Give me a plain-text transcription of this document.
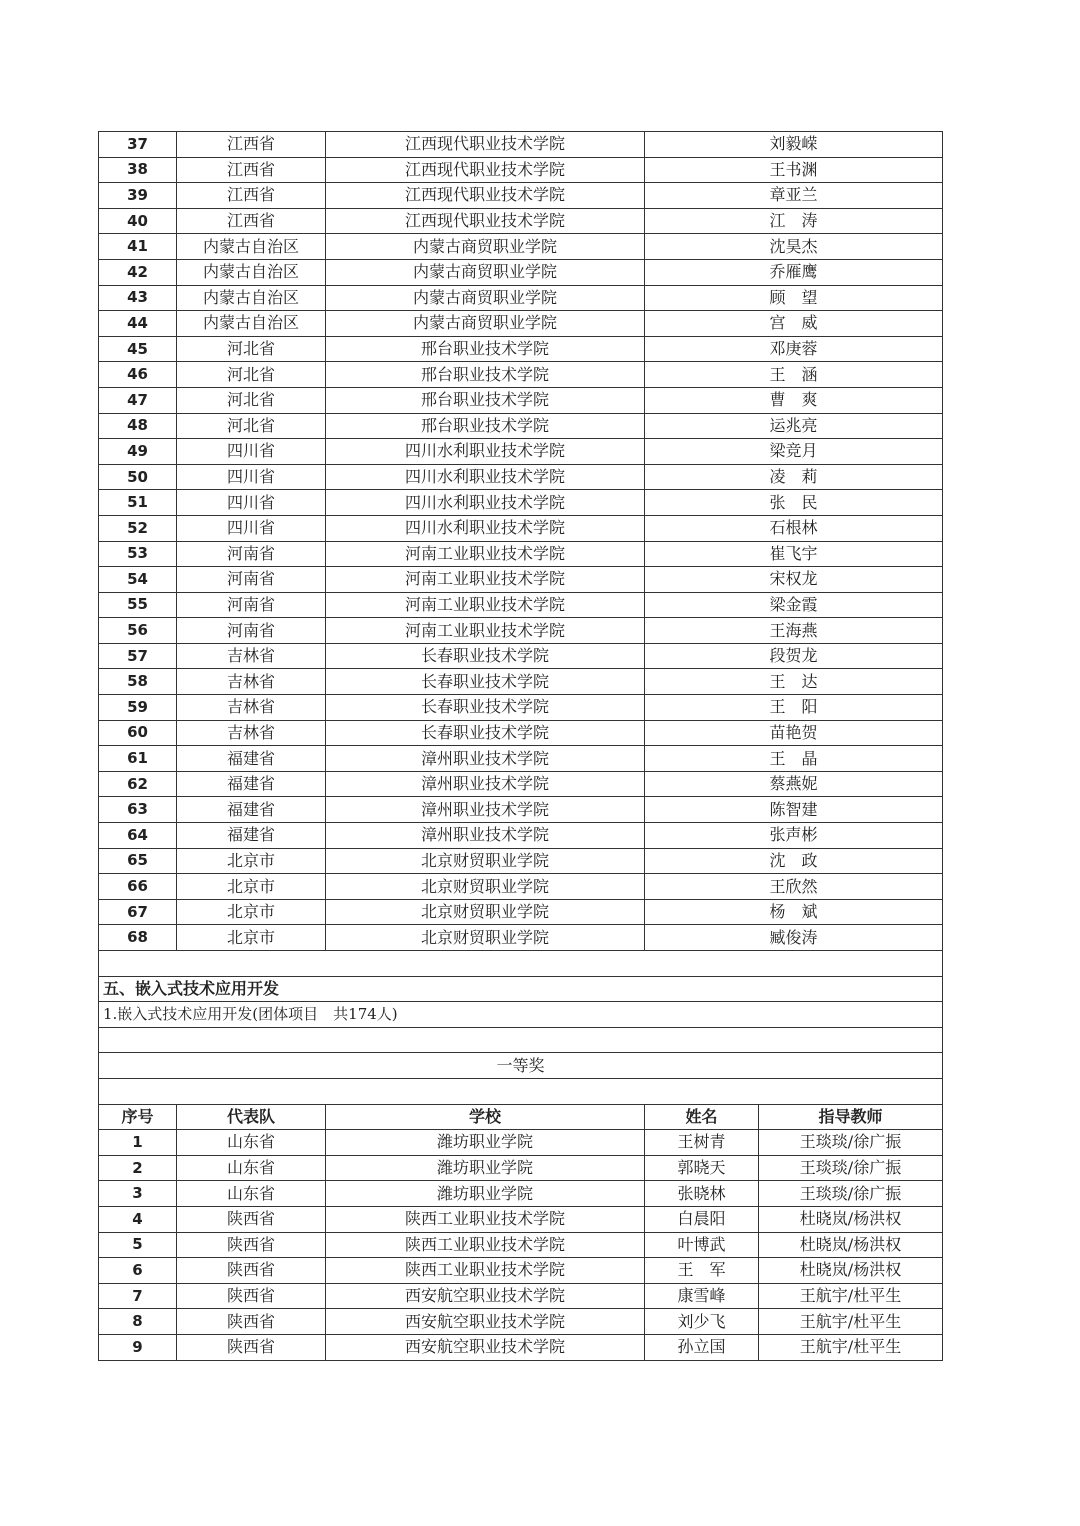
37	江西省	江西现代职业技术学院	刘毅嵘	
38	江西省	江西现代职业技术学院	王书渊	
39	江西省	江西现代职业技术学院	章亚兰	
40	江西省	江西现代职业技术学院	江　涛	
41	内蒙古自治区	内蒙古商贸职业学院	沈昊杰	
42	内蒙古自治区	内蒙古商贸职业学院	乔雁鹰	
43	内蒙古自治区	内蒙古商贸职业学院	顾　望	
44	内蒙古自治区	内蒙古商贸职业学院	宫　威	
45	河北省	邢台职业技术学院	邓庚蓉	
46	河北省	邢台职业技术学院	王　涵	
47	河北省	邢台职业技术学院	曹　爽	
48	河北省	邢台职业技术学院	运兆亮	
49	四川省	四川水利职业技术学院	梁竞月	
50	四川省	四川水利职业技术学院	凌　莉	
51	四川省	四川水利职业技术学院	张　民	
52	四川省	四川水利职业技术学院	石根林	
53	河南省	河南工业职业技术学院	崔飞宇	
54	河南省	河南工业职业技术学院	宋权龙	
55	河南省	河南工业职业技术学院	梁金霞	
56	河南省	河南工业职业技术学院	王海燕	
57	吉林省	长春职业技术学院	段贺龙	
58	吉林省	长春职业技术学院	王　达	
59	吉林省	长春职业技术学院	王　阳	
60	吉林省	长春职业技术学院	苗艳贺	
61	福建省	漳州职业技术学院	王　晶	
62	福建省	漳州职业技术学院	蔡燕妮	
63	福建省	漳州职业技术学院	陈智建	
64	福建省	漳州职业技术学院	张声彬	
65	北京市	北京财贸职业学院	沈　政	
66	北京市	北京财贸职业学院	王欣然	
67	北京市	北京财贸职业学院	杨　斌	
68	北京市	北京财贸职业学院	臧俊涛	

五、嵌入式技术应用开发				
1.嵌入式技术应用开发(团体项目　共174人)				

一等奖				

序号	代表队	学校	姓名	指导教师
1	山东省	潍坊职业学院	王树青	王琰琰/徐广振
2	山东省	潍坊职业学院	郭晓天	王琰琰/徐广振
3	山东省	潍坊职业学院	张晓林	王琰琰/徐广振
4	陕西省	陕西工业职业技术学院	白晨阳	杜晓岚/杨洪权
5	陕西省	陕西工业职业技术学院	叶博武	杜晓岚/杨洪权
6	陕西省	陕西工业职业技术学院	王　军	杜晓岚/杨洪权
7	陕西省	西安航空职业技术学院	康雪峰	王航宇/杜平生
8	陕西省	西安航空职业技术学院	刘少飞	王航宇/杜平生
9	陕西省	西安航空职业技术学院	孙立国	王航宇/杜平生
